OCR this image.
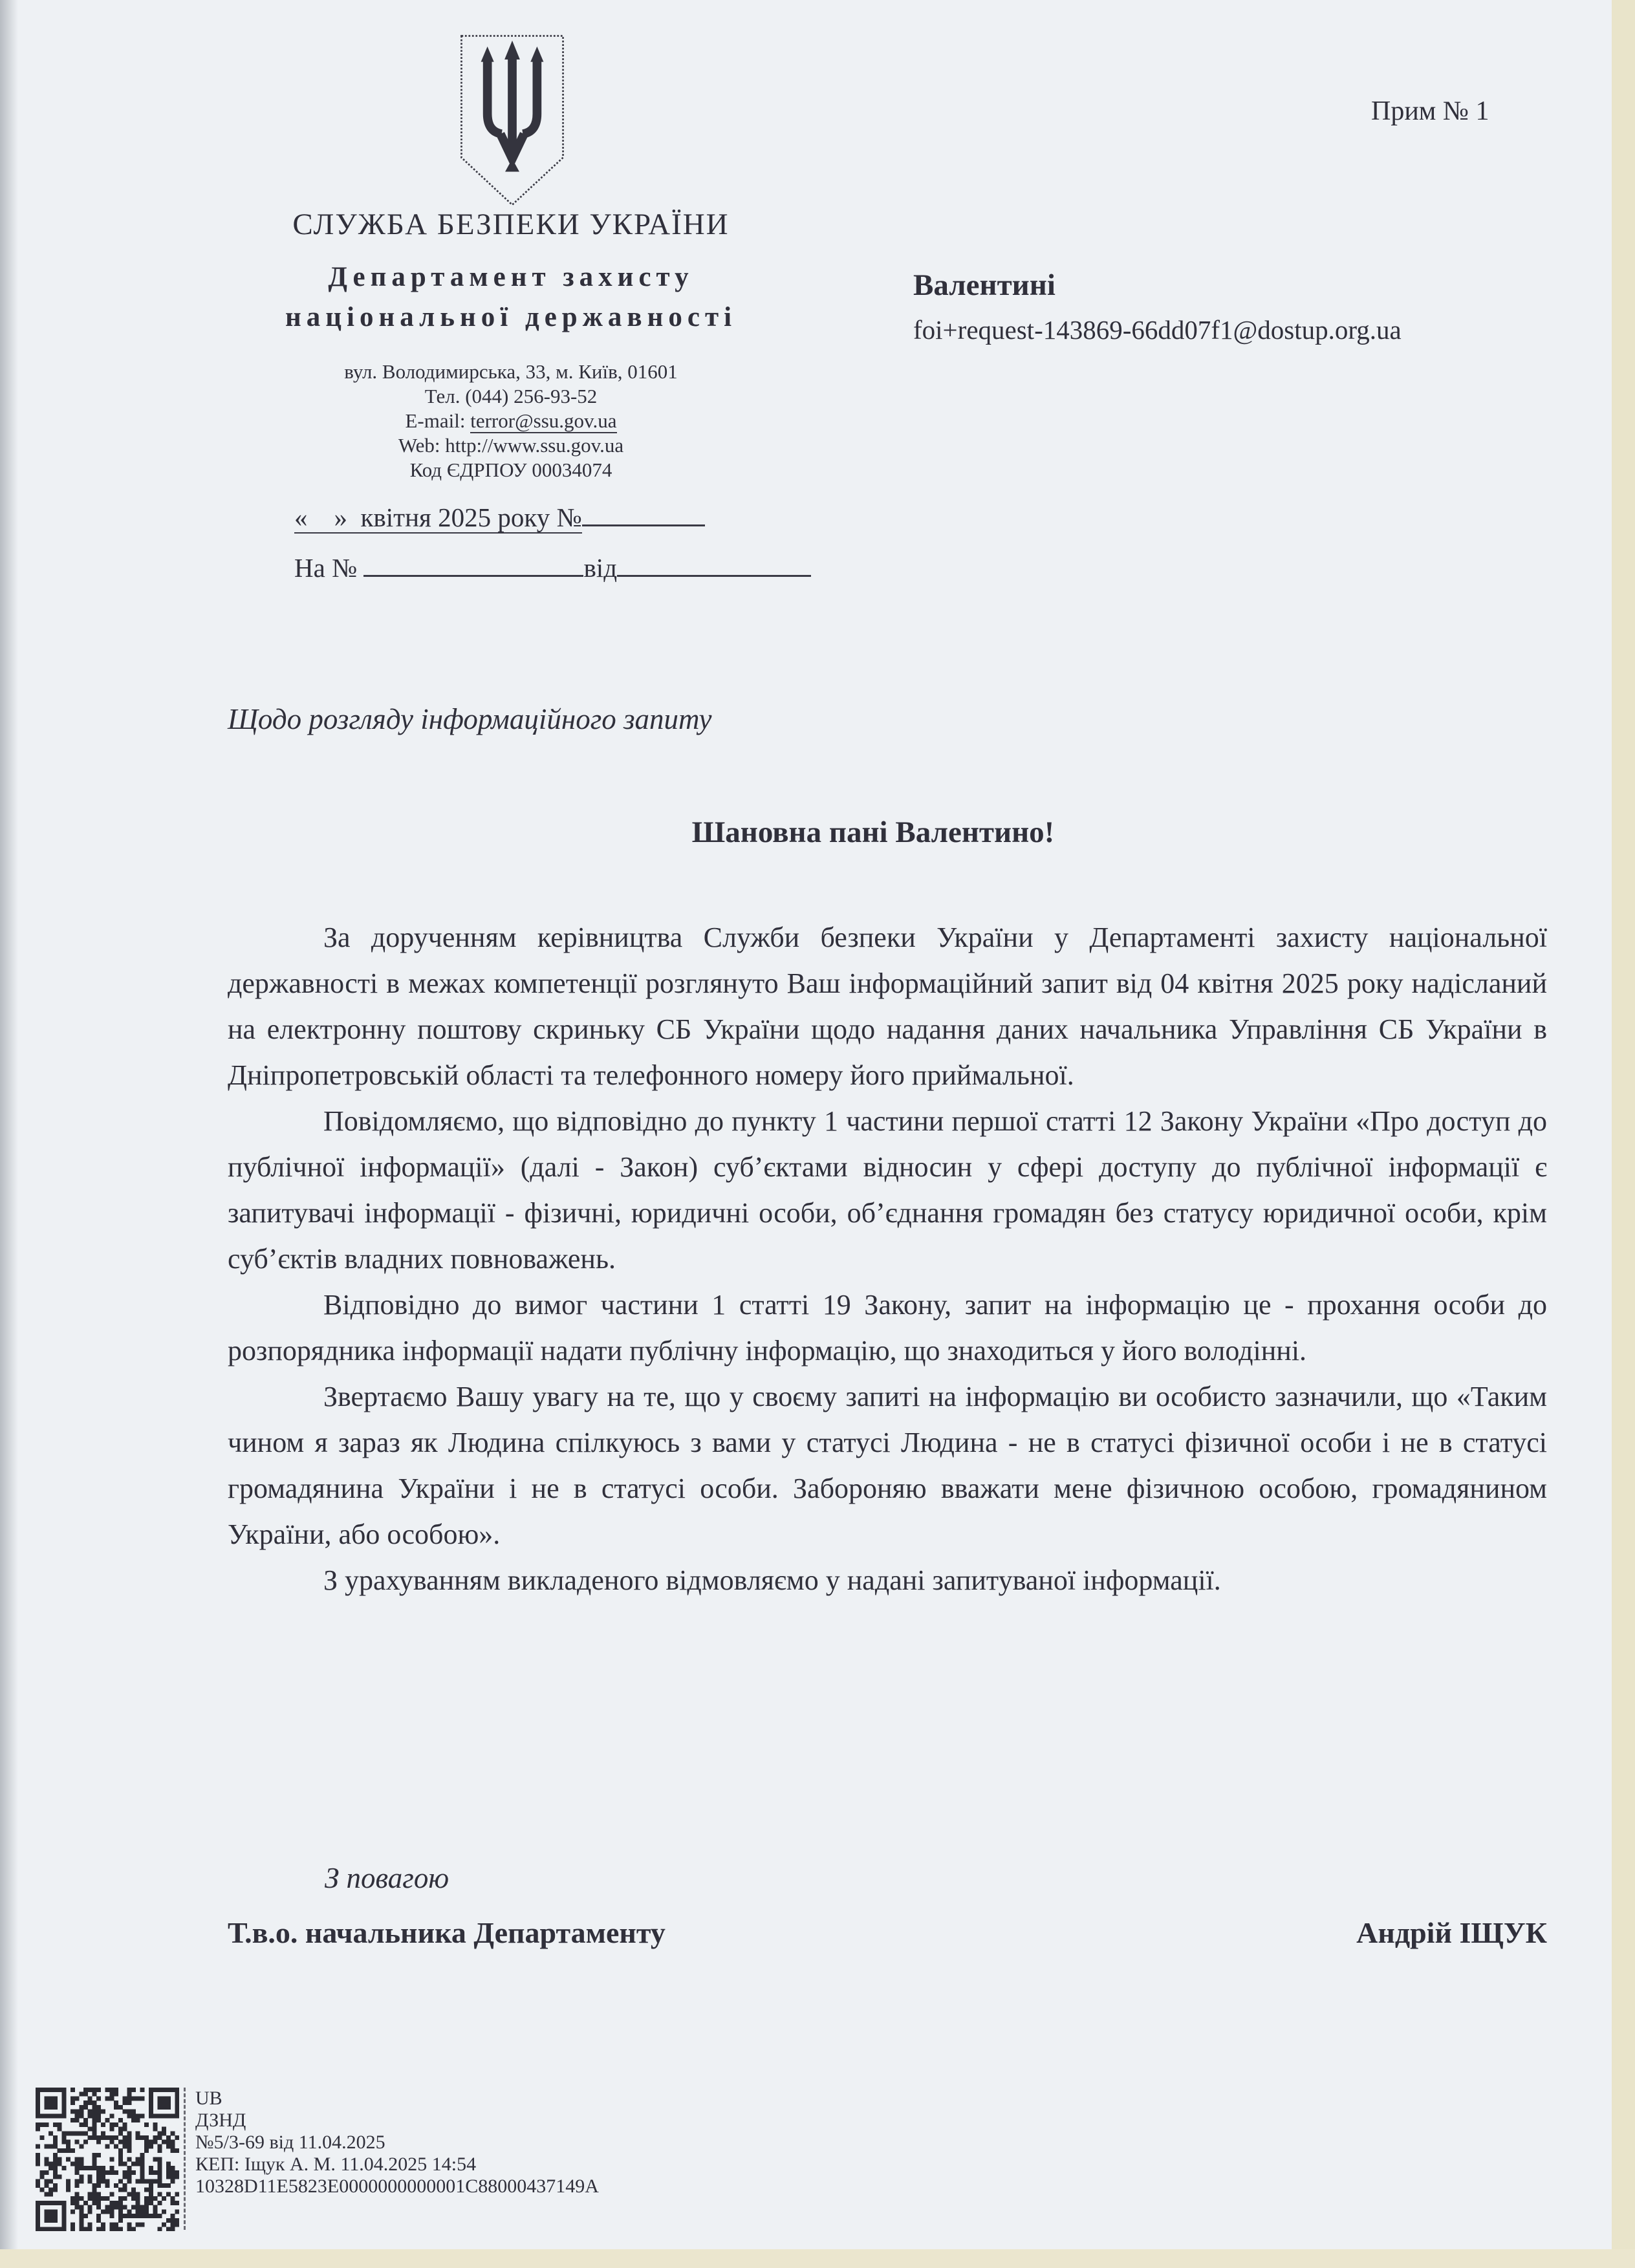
Прим № 1
СЛУЖБА БЕЗПЕКИ УКРАЇНИ
Департамент захисту
національної державності
вул. Володимирська, 33, м. Київ, 01601
Тел. (044) 256-93-52
E-mail: terror@ssu.gov.ua
Web: http://www.ssu.gov.ua
Код ЄДРПОУ 00034074
«    »  квітня 2025 року №
На №	від
Валентині
foi+request-143869-66dd07f1@dostup.org.ua
Щодо розгляду інформаційного запиту
Шановна пані Валентино!

За дорученням керівництва Служби безпеки України у Департаменті захисту національної державності в межах компетенції розглянуто Ваш інформаційний запит від 04 квітня 2025 року надісланий на електронну поштову скриньку СБ України щодо надання даних начальника Управління СБ України в Дніпропетровській області та телефонного номеру його приймальної.

Повідомляємо, що відповідно до пункту 1 частини першої статті 12 Закону України «Про доступ до публічної інформації» (далі - Закон) суб’єктами відносин у сфері доступу до публічної інформації є запитувачі інформації - фізичні, юридичні особи, об’єднання громадян без статусу юридичної особи, крім суб’єктів владних повноважень.

Відповідно до вимог частини 1 статті 19 Закону, запит на інформацію це - прохання особи до розпорядника інформації надати публічну інформацію, що знаходиться у його володінні.

Звертаємо Вашу увагу на те, що у своєму запиті на інформацію ви особисто зазначили, що «Таким чином я зараз як Людина спілкуюсь з вами у статусі Людина - не в статусі фізичної особи і не в статусі громадянина України і не в статусі особи. Забороняю вважати мене фізичною особою, громадянином України, або особою».

З урахуванням викладеного відмовляємо у надані запитуваної інформації.

З повагою
Т.в.о. начальника Департаменту	Андрій ІЩУК
UB
ДЗНД
№5/3-69 від 11.04.2025
КЕП: Іщук А. М. 11.04.2025 14:54
10328D11E5823E0000000000001C88000437149A
